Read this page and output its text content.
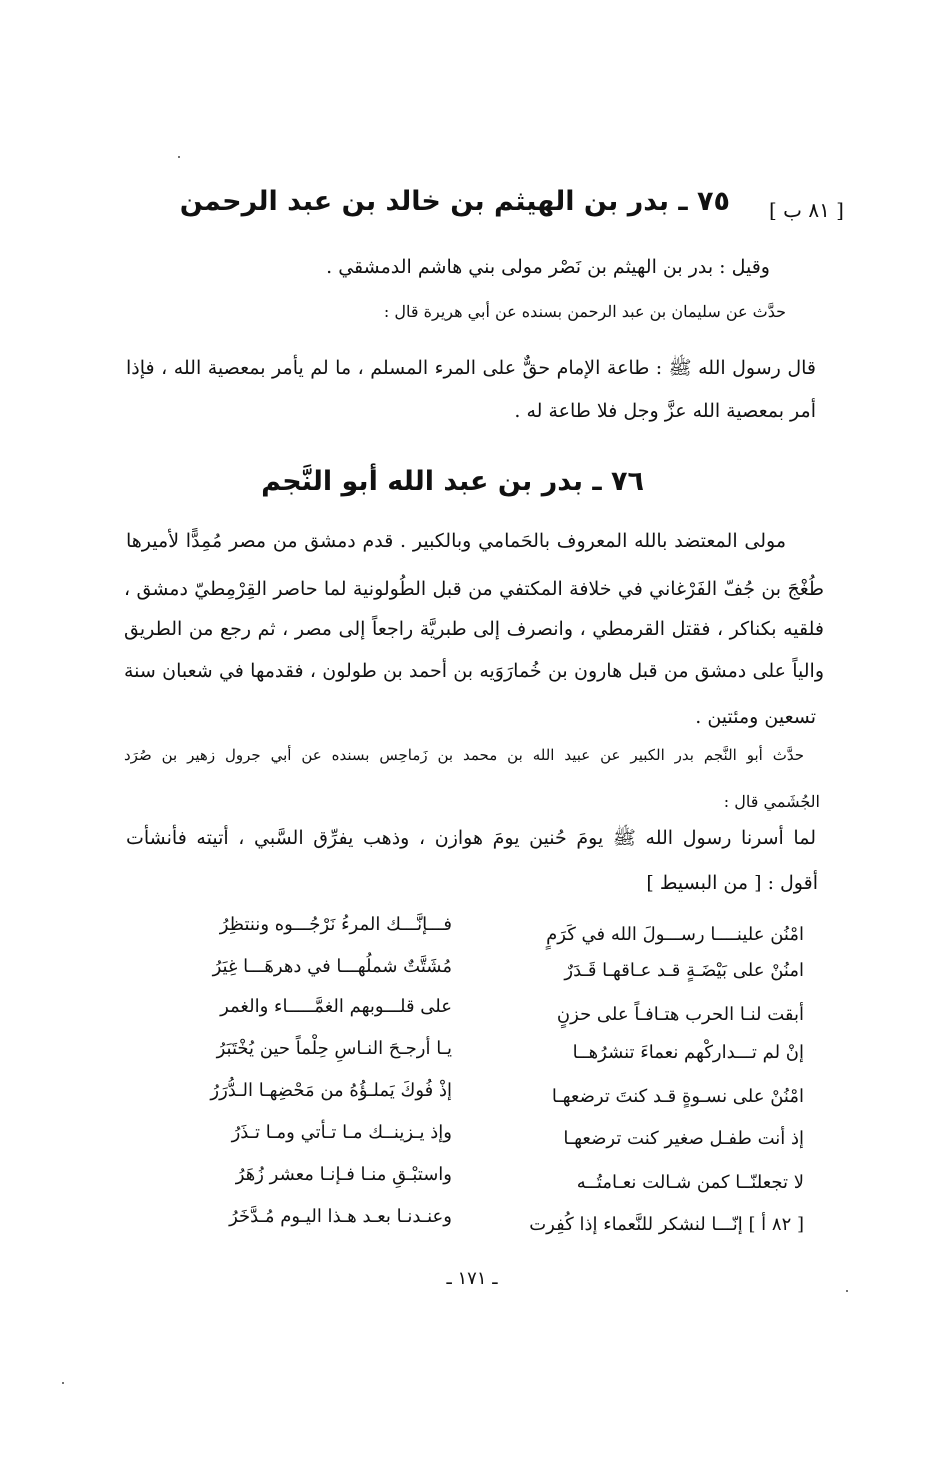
[ ٨١ ب ]
٧٥ ـ بدر بن الهيثم بن خالد بن عبد الرحمن
وقيل : بدر بن الهيثم بن نَصْر مولى بني هاشم الدمشقي .
حدَّث عن سليمان بن عبد الرحمن بسنده عن أبي هريرة قال :
قال رسول الله ﷺ : طاعة الإمام حقٌّ على المرء المسلم ، ما لم يأمر بمعصية الله ، فإذا
أمر بمعصية الله عزَّ وجل فلا طاعة له .
٧٦ ـ بدر بن عبد الله أبو النَّجم
مولى المعتضد بالله المعروف بالحَمامي وبالكبير . قدم دمشق من مصر مُمِدًّا لأميرها
طُغْجَ بن جُفّ الفَرْغاني في خلافة المكتفي من قبل الطُولونية لما حاصر القِرْمِطيّ دمشق ،
فلقيه بكناكر ، فقتل القرمطي ، وانصرف إلى طبريَّة راجعاً إلى مصر ، ثم رجع من الطريق
والياً على دمشق من قبل هارون بن خُمارَوَيه بن أحمد بن طولون ، فقدمها في شعبان سنة
تسعين ومئتين .
حدَّث أبو النَّجم بدر الكبير عن عبيد الله بن محمد بن زَماحِس بسنده عن أبي جرول زهير بن صُرَد
الجُشَمي قال :
لما أسرنا رسول الله ﷺ يومَ حُنين يومَ هوازن ، وذهب يفرِّق السَّبي ، أتيته فأنشأت
أقول : [ من البسيط ]
امْنُن علينــــا رســـولَ الله في كَرَمٍ
امنُنْ على بَيْضَـةٍ قـد عـاقهـا قَـدَرٌ
أبقت لنـا الحرب هتـافـاً على حزنٍ
إنْ لم تـــداركْهم نعماءَ تنشرُهــا
امْنُنْ على نسـوةٍ قـد كنتَ ترضعهـا
إذ أنت طفـل صغير كنت ترضعهـا
لا تجعلنّــا كمن شـالت نعـامتُــه
[ ٨٢ أ ] إنّـــا لنشكر للنَّعماء إذا كُفِرت
فـــإنَّـــك المرءُ نَرْجُـــوه وننتظِرُ
مُشَتَّتٌ شملُهـــا في دهرهَـــا غِيَرُ
على قلـــوبهم الغمَّـــــاء والغمر
يـا أرجـحَ النـاسِ حِلْماً حين يُخْتَبَرُ
إذْ فُوكَ يَملـؤُهُ من مَحْضِهـا الـدُّرَرُ
وإذ يـزينــك مـا تـأتي ومـا تـذَرُ
واستبْـقِ منـا فـإنـا معشر زُهَرُ
وعنـدنـا بعـد هـذا اليـوم مُـدَّخَرُ
ـ ١٧١ ـ
